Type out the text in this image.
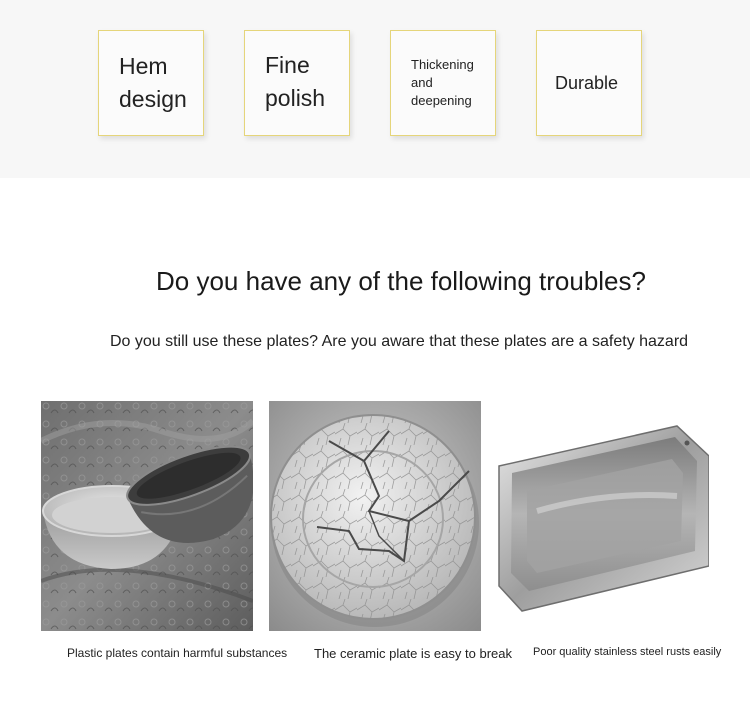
Hem
design
Fine
polish
Thickening
and
deepening
Durable
Do you have any of the following troubles?
Do you still use these plates? Are you aware that these plates are a safety hazard
Plastic plates contain harmful substances The ceramic plate is easy to break Poor quality stainless steel rusts easily
